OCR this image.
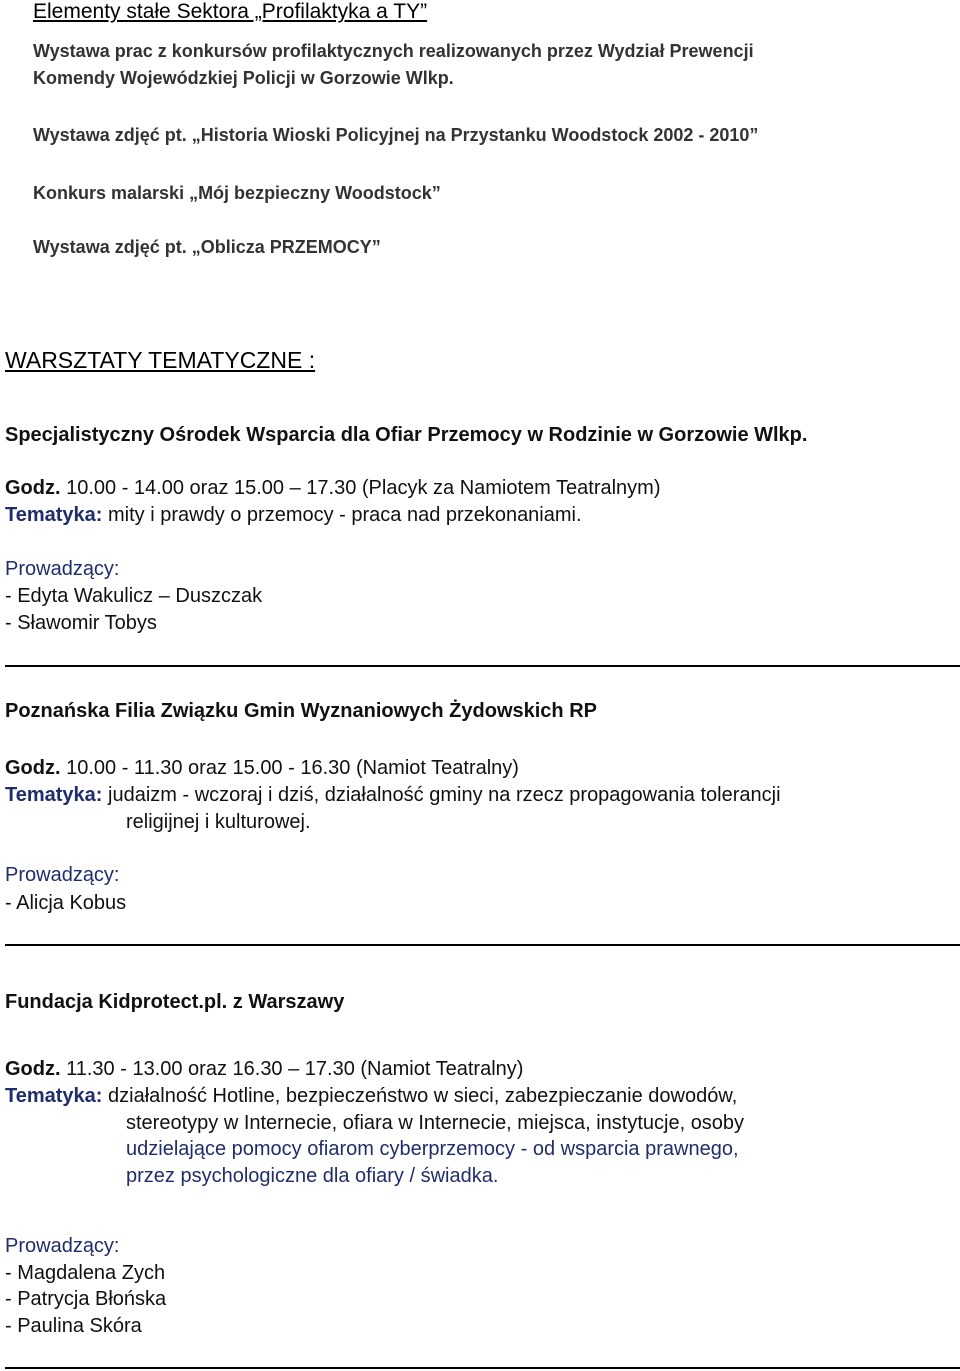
Elementy stałe Sektora „Profilaktyka a TY”
Wystawa prac z konkursów profilaktycznych realizowanych przez Wydział Prewencji
Komendy Wojewódzkiej Policji w Gorzowie Wlkp.
Wystawa zdjęć pt. „Historia Wioski Policyjnej na Przystanku Woodstock 2002 - 2010”
Konkurs malarski „Mój bezpieczny Woodstock”
Wystawa zdjęć pt. „Oblicza PRZEMOCY”
WARSZTATY TEMATYCZNE :
Specjalistyczny Ośrodek Wsparcia dla Ofiar Przemocy w Rodzinie w Gorzowie Wlkp.
Godz. 10.00 - 14.00 oraz 15.00 – 17.30 (Placyk za Namiotem Teatralnym)
Tematyka: mity i prawdy o przemocy - praca nad przekonaniami.
Prowadzący:
- Edyta Wakulicz – Duszczak
- Sławomir Tobys
Poznańska Filia Związku Gmin Wyznaniowych Żydowskich RP
Godz. 10.00 - 11.30 oraz 15.00 - 16.30 (Namiot Teatralny)
Tematyka: judaizm - wczoraj i dziś, działalność gminy na rzecz propagowania tolerancji
religijnej i kulturowej.
Prowadzący:
- Alicja Kobus
Fundacja Kidprotect.pl. z Warszawy
Godz. 11.30 - 13.00 oraz 16.30 – 17.30 (Namiot Teatralny)
Tematyka: działalność Hotline, bezpieczeństwo w sieci, zabezpieczanie dowodów,
stereotypy w Internecie, ofiara w Internecie, miejsca, instytucje, osoby
udzielające pomocy ofiarom cyberprzemocy - od wsparcia prawnego,
przez psychologiczne dla ofiary / świadka.
Prowadzący:
- Magdalena Zych
- Patrycja Błońska
- Paulina Skóra
